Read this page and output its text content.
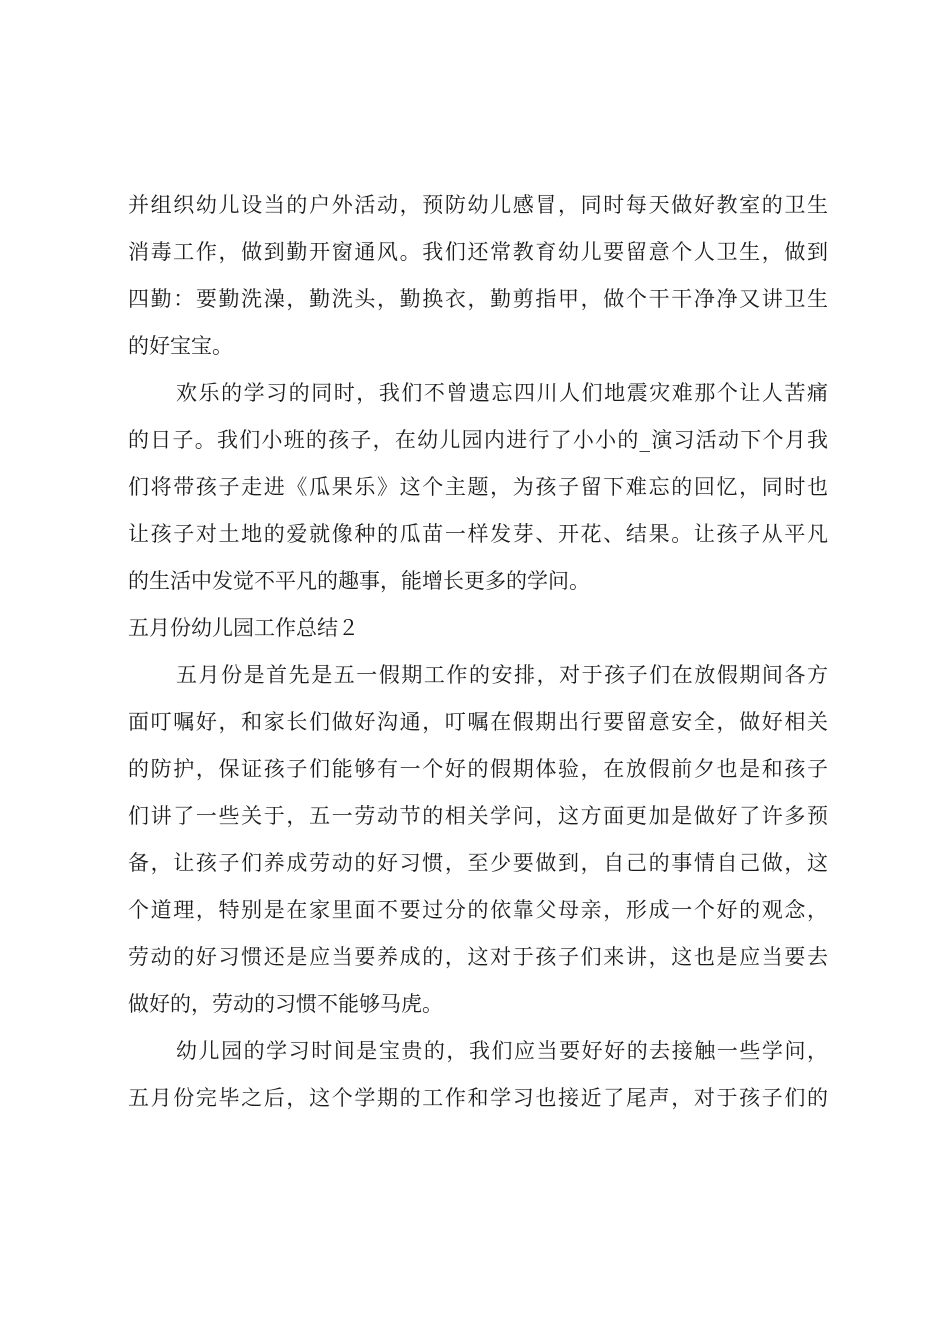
并组织幼儿设当的户外活动，预防幼儿感冒，同时每天做好教室的卫生
消毒工作，做到勤开窗通风。我们还常教育幼儿要留意个人卫生，做到
四勤：要勤洗澡，勤洗头，勤换衣，勤剪指甲，做个干干净净又讲卫生
的好宝宝。
欢乐的学习的同时，我们不曾遗忘四川人们地震灾难那个让人苦痛
的日子。我们小班的孩子，在幼儿园内进行了小小的_演习活动下个月我
们将带孩子走进《瓜果乐》这个主题，为孩子留下难忘的回忆，同时也
让孩子对土地的爱就像种的瓜苗一样发芽、开花、结果。让孩子从平凡
的生活中发觉不平凡的趣事，能增长更多的学问。
五月份幼儿园工作总结２
五月份是首先是五一假期工作的安排，对于孩子们在放假期间各方
面叮嘱好，和家长们做好沟通，叮嘱在假期出行要留意安全，做好相关
的防护，保证孩子们能够有一个好的假期体验，在放假前夕也是和孩子
们讲了一些关于，五一劳动节的相关学问，这方面更加是做好了许多预
备，让孩子们养成劳动的好习惯，至少要做到，自己的事情自己做，这
个道理，特别是在家里面不要过分的依靠父母亲，形成一个好的观念，
劳动的好习惯还是应当要养成的，这对于孩子们来讲，这也是应当要去
做好的，劳动的习惯不能够马虎。
幼儿园的学习时间是宝贵的，我们应当要好好的去接触一些学问，
五月份完毕之后，这个学期的工作和学习也接近了尾声，对于孩子们的
